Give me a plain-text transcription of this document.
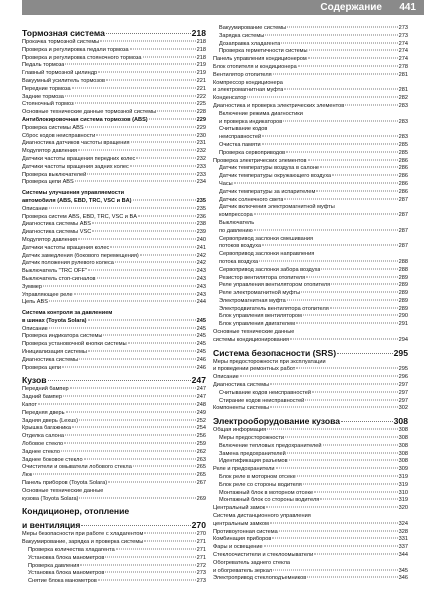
Содержание 441
Тормозная система	218
Прокачка тормозной системы	218
Проверка и регулировка педали тормоза	218
Проверка и регулировка стояночного тормоза	218
Педаль тормоза	219
Главный тормозной цилиндр	219
Вакуумный усилитель тормозов	221
Передние тормоза	221
Задние тормоза	222
Стояночный тормоз	225
Основные технические данные тормозной системы	228
Антиблокировочная система тормозов (ABS)	229
Проверка системы ABS	229
Сброс кодов неисправности	230
Диагностика датчиков частоты вращения	231
Модулятор давления	232
Датчики частоты вращения передних колес	232
Датчики частоты вращения задних колес	233
Проверка выключателей	233
Проверка цепи ABS	234
Системы улучшения управляемости
автомобиля (ABS, EBD, TRC, VSC и BA)	235
Описание	235
Проверка систем ABS, EBD, TRC, VSC и BA	236
Диагностика системы ABS	238
Диагностика системы VSC	239
Модулятор давления	240
Датчики частоты вращения колес	241
Датчик замедления (бокового перемещения)	242
Датчик положения рулевого колеса	242
Выключатель "TRC OFF"	243
Выключатель стоп-сигналов	243
Зуммер	243
Управляющее реле	243
Цепь ABS	244
Система контроля за давлением
в шинах (Toyota Solara)	245
Описание	245
Проверка индикатора системы	245
Проверка установочной кнопки системы	245
Инициализация системы	245
Диагностика системы	246
Проверка цепи	246
Кузов	247
Передний бампер	247
Задний бампер	247
Капот	248
Передняя дверь	249
Задняя дверь (Lexus)	252
Крышка багажника	254
Отделка салона	256
Лобовое стекло	259
Заднее стекло	262
Заднее боковое стекло	263
Очистители и омыватели лобового стекла	265
Люк	265
Панель приборов (Toyota Solara)	267
Основные технические данные
кузова (Toyota Solara)	269
Кондиционер, отопление
и вентиляция	270
Меры безопасности при работе с хладагентом	270
Вакуумирование, зарядка и проверка системы	271
Проверка количества хладагента	271
Установка блока манометров	271
Проверка давления	272
Установка блока манометров	273
Снятие блока манометров	273
Вакуумирование системы	273
Зарядка системы	273
Дозаправка хладагента	274
Проверка герметичности системы	274
Панель управления кондиционером	274
Блок отопителя и кондиционера	278
Вентилятор отопителя	281
Компрессор кондиционера
и электромагнитная муфта	281
Конденсатор	282
Диагностика и проверка электрических элементов	283
Включение режима диагностики
и проверка индикаторов	283
Считывание кодов
неисправностей	283
Очистка памяти	285
Проверка сервоприводов	285
Проверка электрических элементов	286
Датчик температуры воздуха в салоне	286
Датчик температуры окружающего воздуха	286
Часы	286
Датчик температуры за испарителем	286
Датчик солнечного света	287
Датчик включения электромагнитной муфты
компрессора	287
Выключатель
по давлению	287
Сервопривод заслонки смешивания
потоков воздуха	287
Сервопривод заслонки направления
потока воздуха	288
Сервопривод заслонки забора воздуха	288
Резистор вентилятора отопителя	289
Реле управления вентилятором отопителя	289
Реле электромагнитной муфты	289
Электромагнитная муфта	289
Электродвигатель вентилятора отопителя	289
Блок управления вентилятором	290
Блок управления двигателем	291
Основные технические данные
системы кондиционирования	294
Система безопасности (SRS)	295
Меры предосторожности при эксплуатации
и проведении ремонтных работ	295
Описание	296
Диагностика системы	297
Считывание кодов неисправностей	297
Стирание кодов неисправностей	297
Компоненты системы	302
Электрооборудование кузова	308
Общая информация	308
Меры предосторожности	308
Включение тепловых предохранителей	308
Замена предохранителей	308
Идентификация разъемов	308
Реле и предохранители	309
Блок реле в моторном отсеке	319
Блок реле со стороны водителя	319
Монтажный блок в моторном отсеке	310
Монтажный блок со стороны водителя	319
Центральный замок	320
Система дистанционного управления
центральным замком	324
Противоугонная система	328
Комбинация приборов	331
Фары и освещение	337
Стеклоочистители и стеклоомыватели	344
Обогреватель заднего стекла
и обогреватель зеркал	345
Электропривод стеклоподъемников	346
